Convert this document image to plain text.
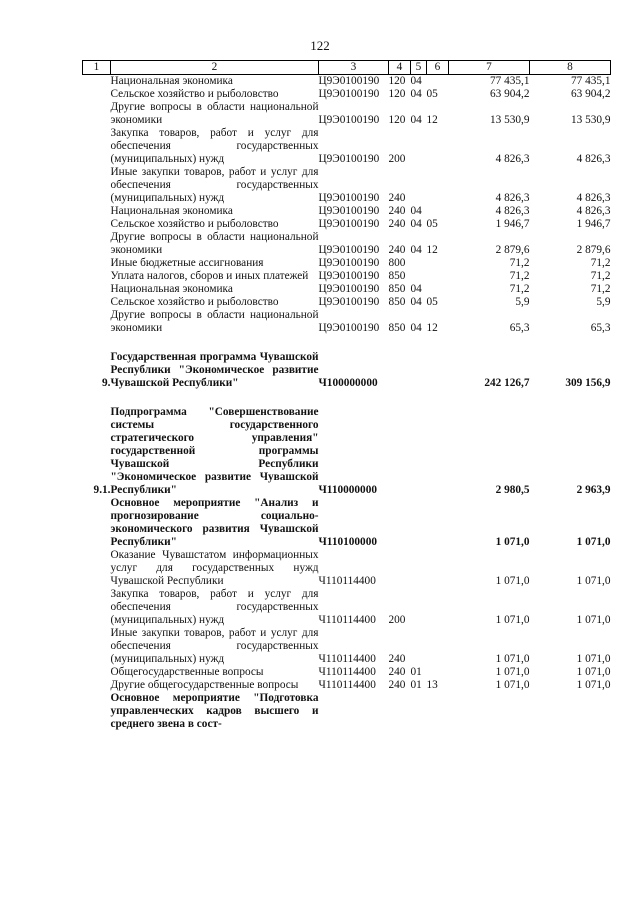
122
1	2	3	4	5	6	7	8
	Национальная экономика	Ц9Э0100190	120	04		77 435,1	77 435,1
	Сельское хозяйство и рыболовство	Ц9Э0100190	120	04	05	63 904,2	63 904,2
	Другие вопросы в области национальной экономики	Ц9Э0100190	120	04	12	13 530,9	13 530,9
	Закупка товаров, работ и услуг для обеспечения государственных (муниципальных) нужд	Ц9Э0100190	200			4 826,3	4 826,3
	Иные закупки товаров, работ и услуг для обеспечения государственных (муниципальных) нужд	Ц9Э0100190	240			4 826,3	4 826,3
	Национальная экономика	Ц9Э0100190	240	04		4 826,3	4 826,3
	Сельское хозяйство и рыболовство	Ц9Э0100190	240	04	05	1 946,7	1 946,7
	Другие вопросы в области национальной экономики	Ц9Э0100190	240	04	12	2 879,6	2 879,6
	Иные бюджетные ассигнования	Ц9Э0100190	800			71,2	71,2
	Уплата налогов, сборов и иных платежей	Ц9Э0100190	850			71,2	71,2
	Национальная экономика	Ц9Э0100190	850	04		71,2	71,2
	Сельское хозяйство и рыболовство	Ц9Э0100190	850	04	05	5,9	5,9
	Другие вопросы в области национальной экономики	Ц9Э0100190	850	04	12	65,3	65,3

9.	Государственная программа Чувашской Республики "Экономическое развитие Чувашской Республики"	Ч100000000				242 126,7	309 156,9

9.1.	Подпрограмма "Совершенствование системы государственного стратегического управления" государственной программы Чувашской Республики "Экономическое развитие Чувашской Республики"	Ч110000000				2 980,5	2 963,9
	Основное мероприятие "Анализ и прогнозирование социально-экономического развития Чувашской Республики"	Ч110100000				1 071,0	1 071,0
	Оказание Чувашстатом информационных услуг для государственных нужд Чувашской Республики	Ч110114400				1 071,0	1 071,0
	Закупка товаров, работ и услуг для обеспечения государственных (муниципальных) нужд	Ч110114400	200			1 071,0	1 071,0
	Иные закупки товаров, работ и услуг для обеспечения государственных (муниципальных) нужд	Ч110114400	240			1 071,0	1 071,0
	Общегосударственные вопросы	Ч110114400	240	01		1 071,0	1 071,0
	Другие общегосударственные вопросы	Ч110114400	240	01	13	1 071,0	1 071,0
	Основное мероприятие "Подготовка управленческих кадров высшего и среднего звена в сост-						
